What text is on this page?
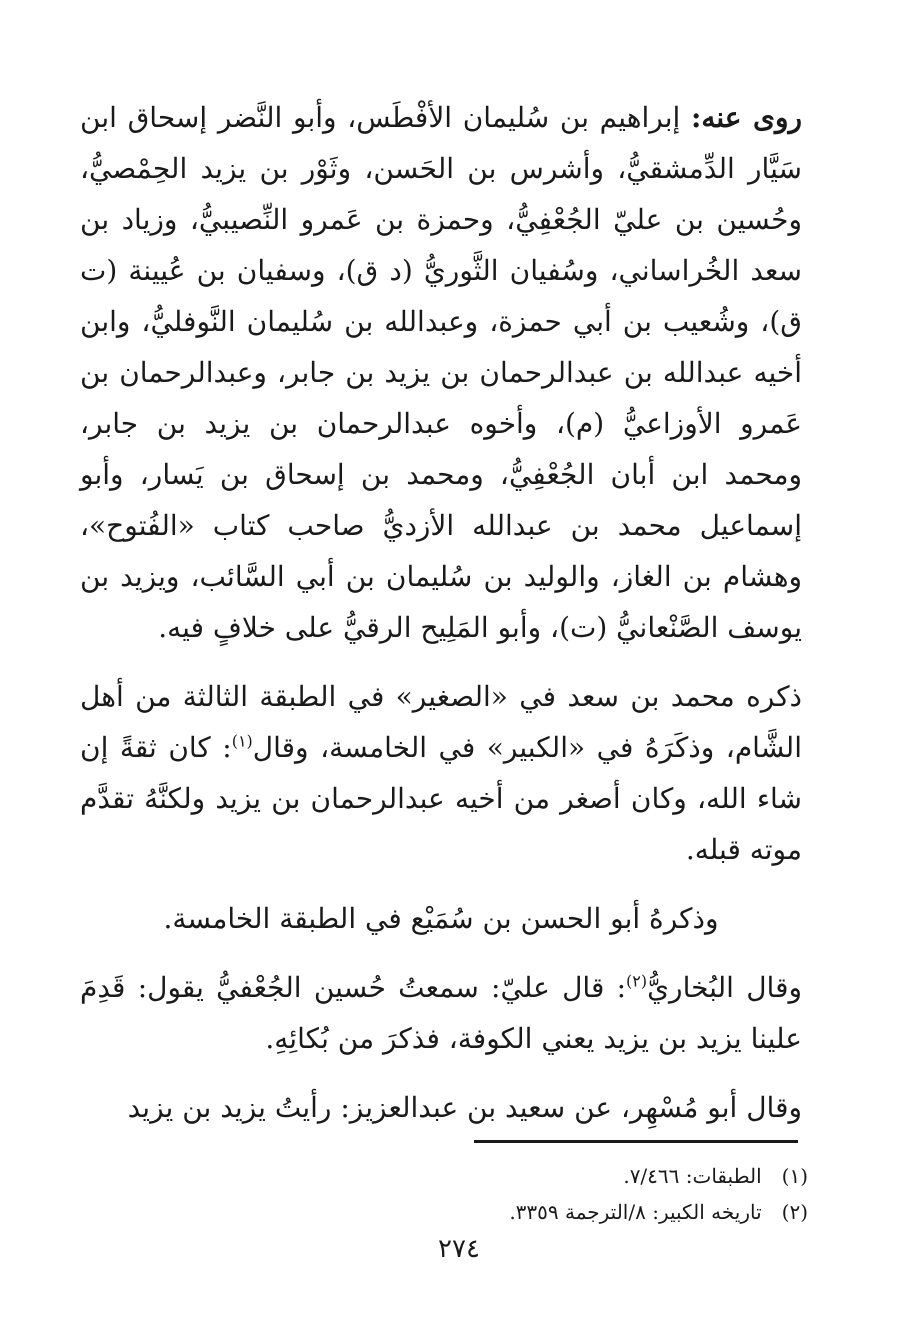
روى عنه: إبراهيم بن سُليمان الأفْطَس، وأبو النَّضر إسحاق ابن سَيَّار الدِّمشقيُّ، وأشرس بن الحَسن، وثَوْر بن يزيد الحِمْصيُّ، وحُسين بن عليّ الجُعْفِيُّ، وحمزة بن عَمرو النِّصيبيُّ، وزياد بن سعد الخُراساني، وسُفيان الثَّوريُّ (د ق)، وسفيان بن عُيينة (ت ق)، وشُعيب بن أبي حمزة، وعبدالله بن سُليمان النَّوفليُّ، وابن أخيه عبدالله بن عبدالرحمان بن يزيد بن جابر، وعبدالرحمان بن عَمرو الأوزاعيُّ (م)، وأخوه عبدالرحمان بن يزيد بن جابر، ومحمد ابن أبان الجُعْفِيُّ، ومحمد بن إسحاق بن يَسار، وأبو إسماعيل محمد بن عبدالله الأزديُّ صاحب كتاب «الفُتوح»، وهشام بن الغاز، والوليد بن سُليمان بن أبي السَّائب، ويزيد بن يوسف الصَّنْعانيُّ (ت)، وأبو المَلِيح الرقيُّ على خلافٍ فيه.

ذكره محمد بن سعد في «الصغير» في الطبقة الثالثة من أهل الشَّام، وذكَرَهُ في «الكبير» في الخامسة، وقال$^{(١)}$: كان ثقةً إن شاء الله، وكان أصغر من أخيه عبدالرحمان بن يزيد ولكنَّهُ تقدَّم موته قبله.

وذكرهُ أبو الحسن بن سُمَيْع في الطبقة الخامسة.

وقال البُخاريُّ$^{(٢)}$: قال عليّ: سمعتُ حُسين الجُعْفيُّ يقول: قَدِمَ علينا يزيد بن يزيد يعني الكوفة، فذكرَ من بُكائِهِ.

وقال أبو مُسْهِر، عن سعيد بن عبدالعزيز: رأيتُ يزيد بن يزيد

(١) الطبقات: ٧/٤٦٦.
(٢) تاريخه الكبير: ٨/الترجمة ٣٣٥٩.
٢٧٤
